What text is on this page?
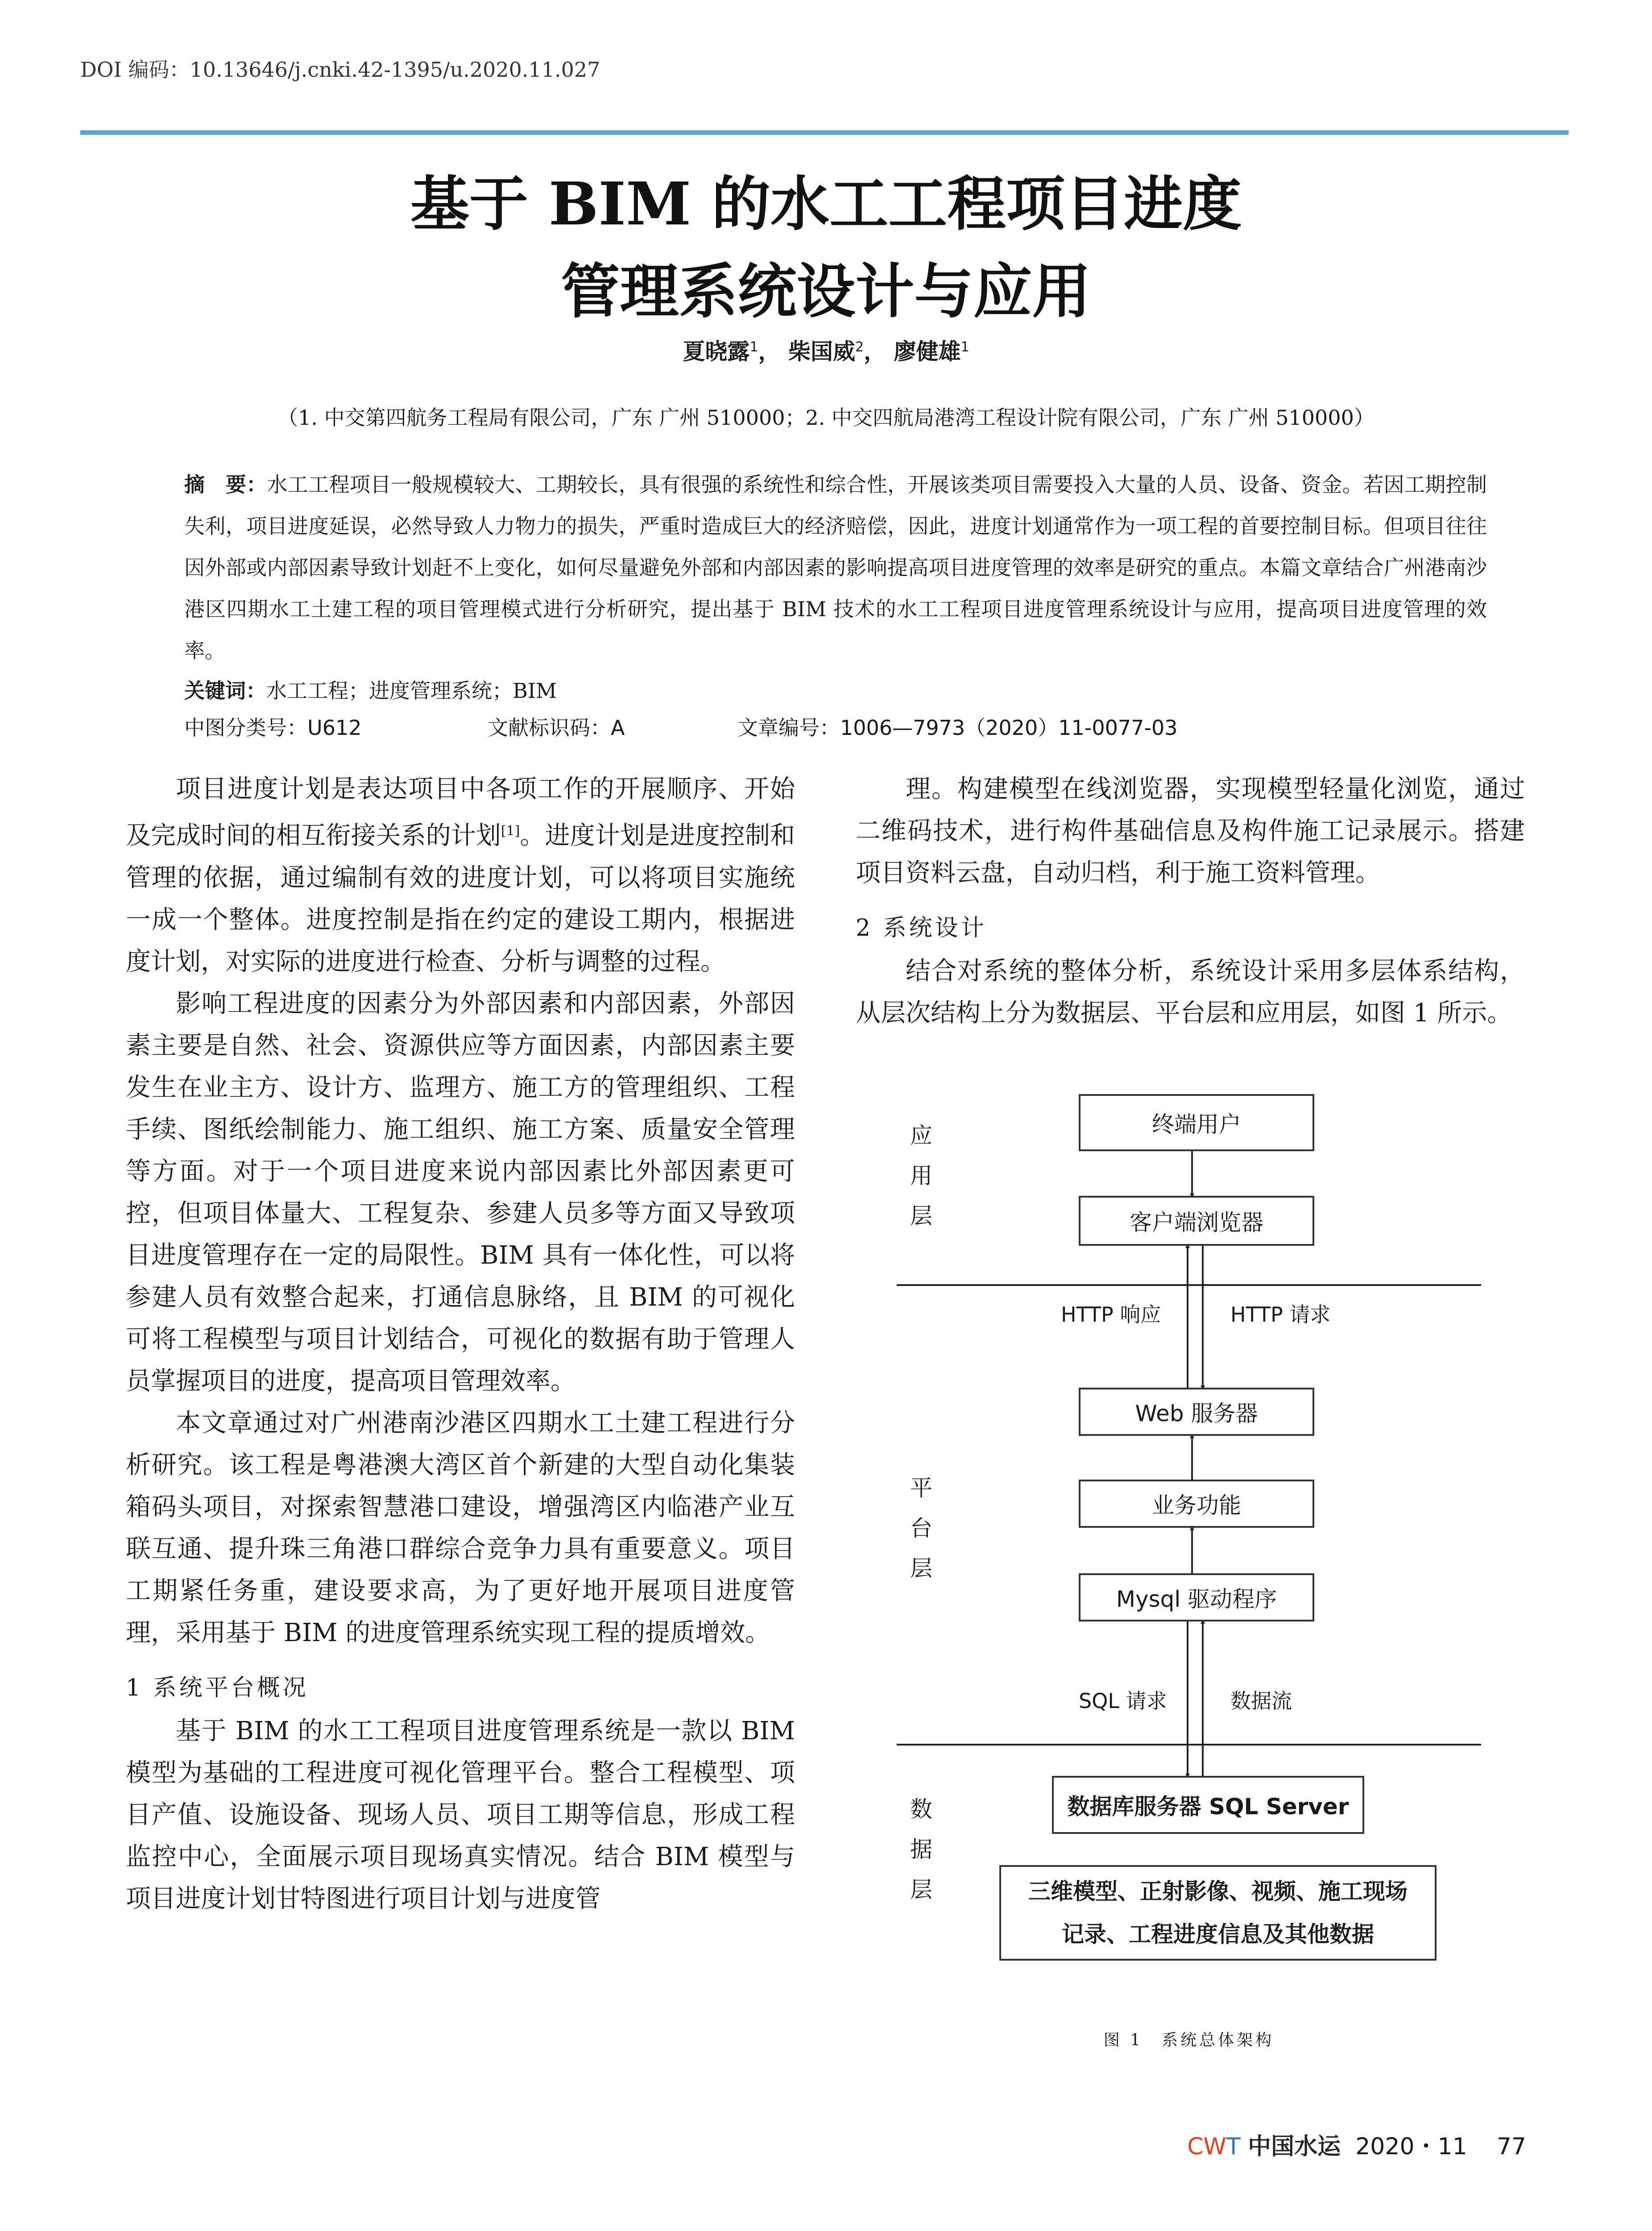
DOI 编码：10.13646/j.cnki.42-1395/u.2020.11.027
基于 BIM 的水工工程项目进度
管理系统设计与应用
夏晓露$^1$， 柴国威$^2$， 廖健雄$^1$
（1. 中交第四航务工程局有限公司，广东 广州 510000；2. 中交四航局港湾工程设计院有限公司，广东 广州 510000）
摘　要：水工工程项目一般规模较大、工期较长，具有很强的系统性和综合性，开展该类项目需要投入大量的人员、设备、资金。若因工期控制失利，项目进度延误，必然导致人力物力的损失，严重时造成巨大的经济赔偿，因此，进度计划通常作为一项工程的首要控制目标。但项目往往因外部或内部因素导致计划赶不上变化，如何尽量避免外部和内部因素的影响提高项目进度管理的效率是研究的重点。本篇文章结合广州港南沙港区四期水工土建工程的项目管理模式进行分析研究，提出基于 BIM 技术的水工工程项目进度管理系统设计与应用，提高项目进度管理的效率。
关键词：水工工程；进度管理系统；BIM
中图分类号：U612	文献标识码：A	文章编号：1006—7973（2020）11-0077-03

项目进度计划是表达项目中各项工作的开展顺序、开始及完成时间的相互衔接关系的计划[1]。进度计划是进度控制和管理的依据，通过编制有效的进度计划，可以将项目实施统一成一个整体。进度控制是指在约定的建设工期内，根据进度计划，对实际的进度进行检查、分析与调整的过程。

影响工程进度的因素分为外部因素和内部因素，外部因素主要是自然、社会、资源供应等方面因素，内部因素主要发生在业主方、设计方、监理方、施工方的管理组织、工程手续、图纸绘制能力、施工组织、施工方案、质量安全管理等方面。对于一个项目进度来说内部因素比外部因素更可控，但项目体量大、工程复杂、参建人员多等方面又导致项目进度管理存在一定的局限性。BIM 具有一体化性，可以将参建人员有效整合起来，打通信息脉络，且 BIM 的可视化可将工程模型与项目计划结合，可视化的数据有助于管理人员掌握项目的进度，提高项目管理效率。

本文章通过对广州港南沙港区四期水工土建工程进行分析研究。该工程是粤港澳大湾区首个新建的大型自动化集装箱码头项目，对探索智慧港口建设，增强湾区内临港产业互联互通、提升珠三角港口群综合竞争力具有重要意义。项目工期紧任务重，建设要求高，为了更好地开展项目进度管理，采用基于 BIM 的进度管理系统实现工程的提质增效。

1 系统平台概况

基于 BIM 的水工工程项目进度管理系统是一款以 BIM 模型为基础的工程进度可视化管理平台。整合工程模型、项目产值、设施设备、现场人员、项目工期等信息，形成工程监控中心，全面展示项目现场真实情况。结合 BIM 模型与项目进度计划甘特图进行项目计划与进度管

理。构建模型在线浏览器，实现模型轻量化浏览，通过二维码技术，进行构件基础信息及构件施工记录展示。搭建项目资料云盘，自动归档，利于施工资料管理。

2 系统设计

结合对系统的整体分析，系统设计采用多层体系结构，从层次结构上分为数据层、平台层和应用层，如图 1 所示。

应
用
层
平
台
层
数
据
层
终端用户
客户端浏览器
Web 服务器
业务功能
Mysql 驱动程序
数据库服务器 SQL Server
三维模型、正射影像、视频、施工现场
记录、工程进度信息及其他数据
HTTP 响应	HTTP 请求
SQL 请求	数据流
图 1　系统总体架构
CWT 中国水运 2020・11 77
